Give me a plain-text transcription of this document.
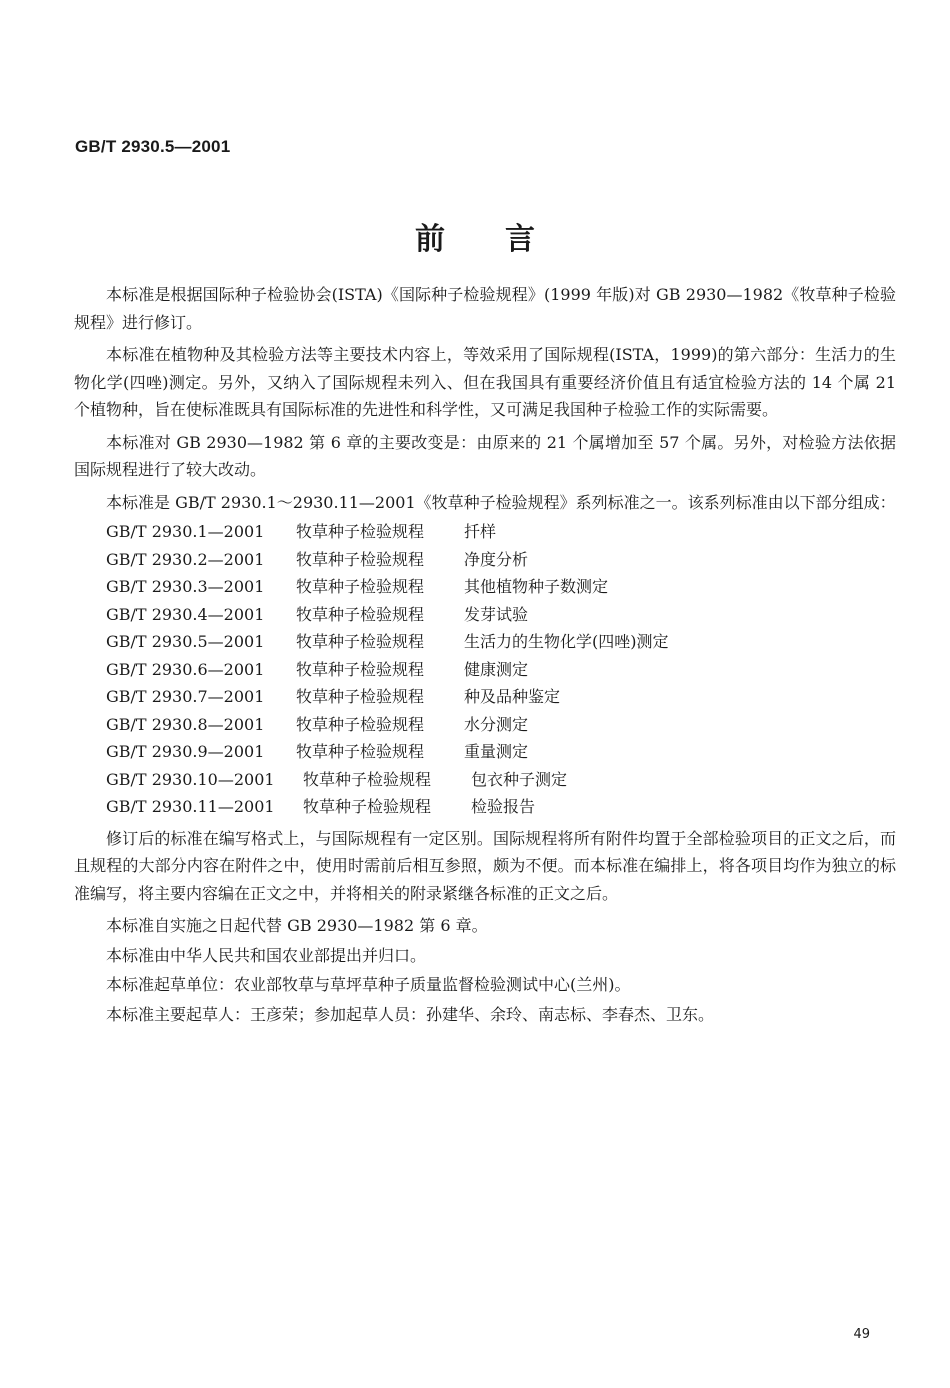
GB/T 2930.5—2001
前言

本标准是根据国际种子检验协会(ISTA)《国际种子检验规程》(1999 年版)对 GB 2930—1982《牧草种子检验规程》进行修订。

本标准在植物种及其检验方法等主要技术内容上，等效采用了国际规程(ISTA，1999)的第六部分：生活力的生物化学(四唑)测定。另外，又纳入了国际规程未列入、但在我国具有重要经济价值且有适宜检验方法的 14 个属 21 个植物种，旨在使标准既具有国际标准的先进性和科学性，又可满足我国种子检验工作的实际需要。

本标准对 GB 2930—1982 第 6 章的主要改变是：由原来的 21 个属增加至 57 个属。另外，对检验方法依据国际规程进行了较大改动。

本标准是 GB/T 2930.1～2930.11—2001《牧草种子检验规程》系列标准之一。该系列标准由以下部分组成：

GB/T 2930.1—2001	牧草种子检验规程	扦样
GB/T 2930.2—2001	牧草种子检验规程	净度分析
GB/T 2930.3—2001	牧草种子检验规程	其他植物种子数测定
GB/T 2930.4—2001	牧草种子检验规程	发芽试验
GB/T 2930.5—2001	牧草种子检验规程	生活力的生物化学(四唑)测定
GB/T 2930.6—2001	牧草种子检验规程	健康测定
GB/T 2930.7—2001	牧草种子检验规程	种及品种鉴定
GB/T 2930.8—2001	牧草种子检验规程	水分测定
GB/T 2930.9—2001	牧草种子检验规程	重量测定
GB/T 2930.10—2001	牧草种子检验规程	包衣种子测定
GB/T 2930.11—2001	牧草种子检验规程	检验报告

修订后的标准在编写格式上，与国际规程有一定区别。国际规程将所有附件均置于全部检验项目的正文之后，而且规程的大部分内容在附件之中，使用时需前后相互参照，颇为不便。而本标准在编排上，将各项目均作为独立的标准编写，将主要内容编在正文之中，并将相关的附录紧继各标准的正文之后。

本标准自实施之日起代替 GB 2930—1982 第 6 章。

本标准由中华人民共和国农业部提出并归口。

本标准起草单位：农业部牧草与草坪草种子质量监督检验测试中心(兰州)。

本标准主要起草人：王彦荣；参加起草人员：孙建华、余玲、南志标、李春杰、卫东。

49
